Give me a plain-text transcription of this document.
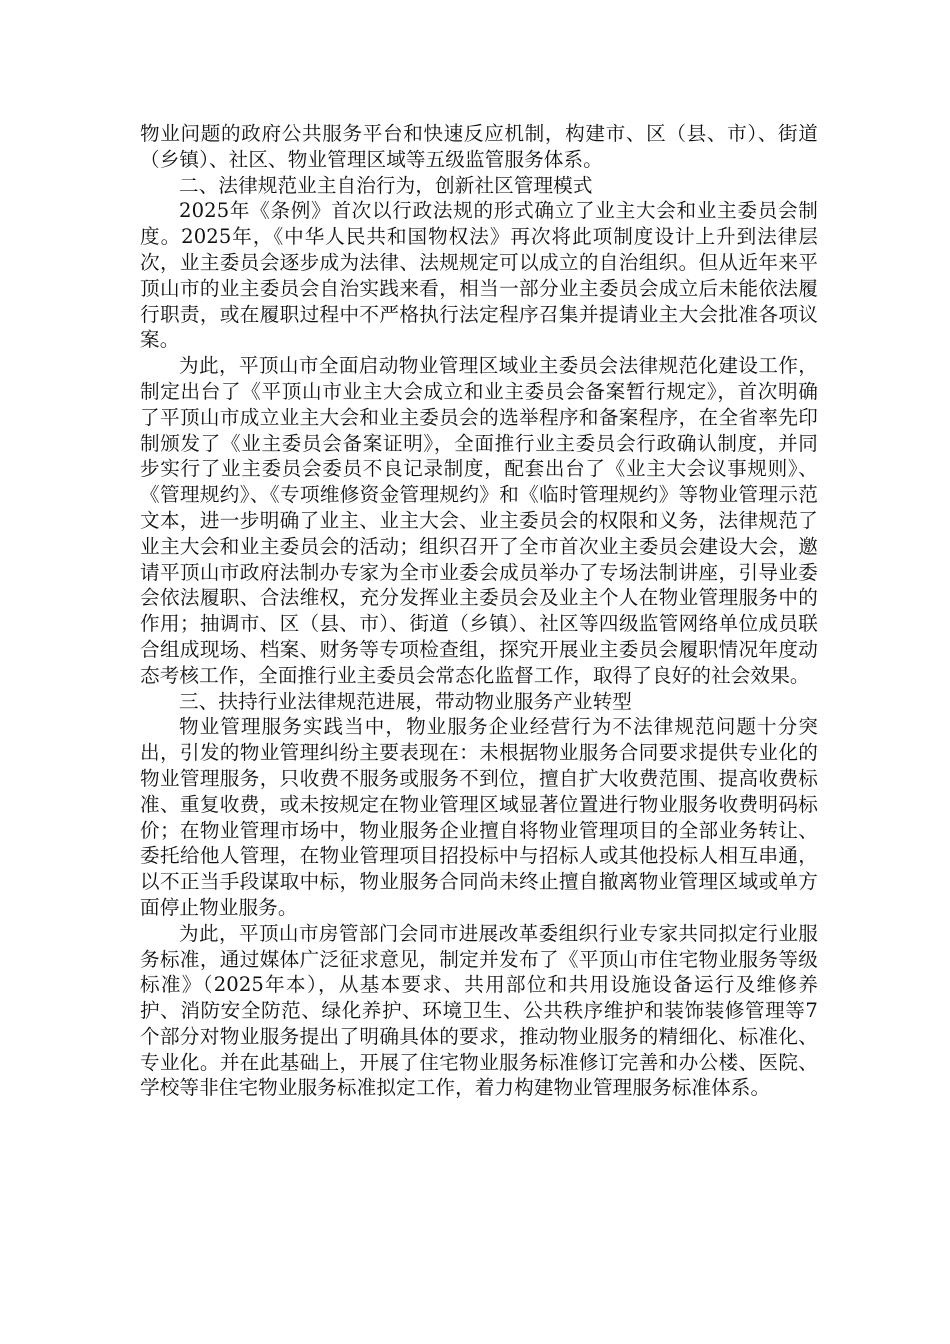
物业问题的政府公共服务平台和快速反应机制，构建市、区（县、市）、街道（乡镇）、社区、物业管理区域等五级监管服务体系。

二、法律规范业主自治行为，创新社区管理模式

2025年《条例》首次以行政法规的形式确立了业主大会和业主委员会制度。2025年，《中华人民共和国物权法》再次将此项制度设计上升到法律层次，业主委员会逐步成为法律、法规规定可以成立的自治组织。但从近年来平顶山市的业主委员会自治实践来看，相当一部分业主委员会成立后未能依法履行职责，或在履职过程中不严格执行法定程序召集并提请业主大会批准各项议案。

为此，平顶山市全面启动物业管理区域业主委员会法律规范化建设工作，制定出台了《平顶山市业主大会成立和业主委员会备案暂行规定》，首次明确了平顶山市成立业主大会和业主委员会的选举程序和备案程序，在全省率先印制颁发了《业主委员会备案证明》，全面推行业主委员会行政确认制度，并同步实行了业主委员会委员不良记录制度，配套出台了《业主大会议事规则》、《管理规约》、《专项维修资金管理规约》和《临时管理规约》等物业管理示范文本，进一步明确了业主、业主大会、业主委员会的权限和义务，法律规范了业主大会和业主委员会的活动；组织召开了全市首次业主委员会建设大会，邀请平顶山市政府法制办专家为全市业委会成员举办了专场法制讲座，引导业委会依法履职、合法维权，充分发挥业主委员会及业主个人在物业管理服务中的作用；抽调市、区（县、市）、街道（乡镇）、社区等四级监管网络单位成员联合组成现场、档案、财务等专项检查组，探究开展业主委员会履职情况年度动态考核工作，全面推行业主委员会常态化监督工作，取得了良好的社会效果。

三、扶持行业法律规范进展，带动物业服务产业转型

物业管理服务实践当中，物业服务企业经营行为不法律规范问题十分突出，引发的物业管理纠纷主要表现在：未根据物业服务合同要求提供专业化的物业管理服务，只收费不服务或服务不到位，擅自扩大收费范围、提高收费标准、重复收费，或未按规定在物业管理区域显著位置进行物业服务收费明码标价；在物业管理市场中，物业服务企业擅自将物业管理项目的全部业务转让、委托给他人管理，在物业管理项目招投标中与招标人或其他投标人相互串通，以不正当手段谋取中标，物业服务合同尚未终止擅自撤离物业管理区域或单方面停止物业服务。

为此，平顶山市房管部门会同市进展改革委组织行业专家共同拟定行业服务标准，通过媒体广泛征求意见，制定并发布了《平顶山市住宅物业服务等级标准》（2025年本），从基本要求、共用部位和共用设施设备运行及维修养护、消防安全防范、绿化养护、环境卫生、公共秩序维护和装饰装修管理等7个部分对物业服务提出了明确具体的要求，推动物业服务的精细化、标准化、专业化。并在此基础上，开展了住宅物业服务标准修订完善和办公楼、医院、学校等非住宅物业服务标准拟定工作，着力构建物业管理服务标准体系。
